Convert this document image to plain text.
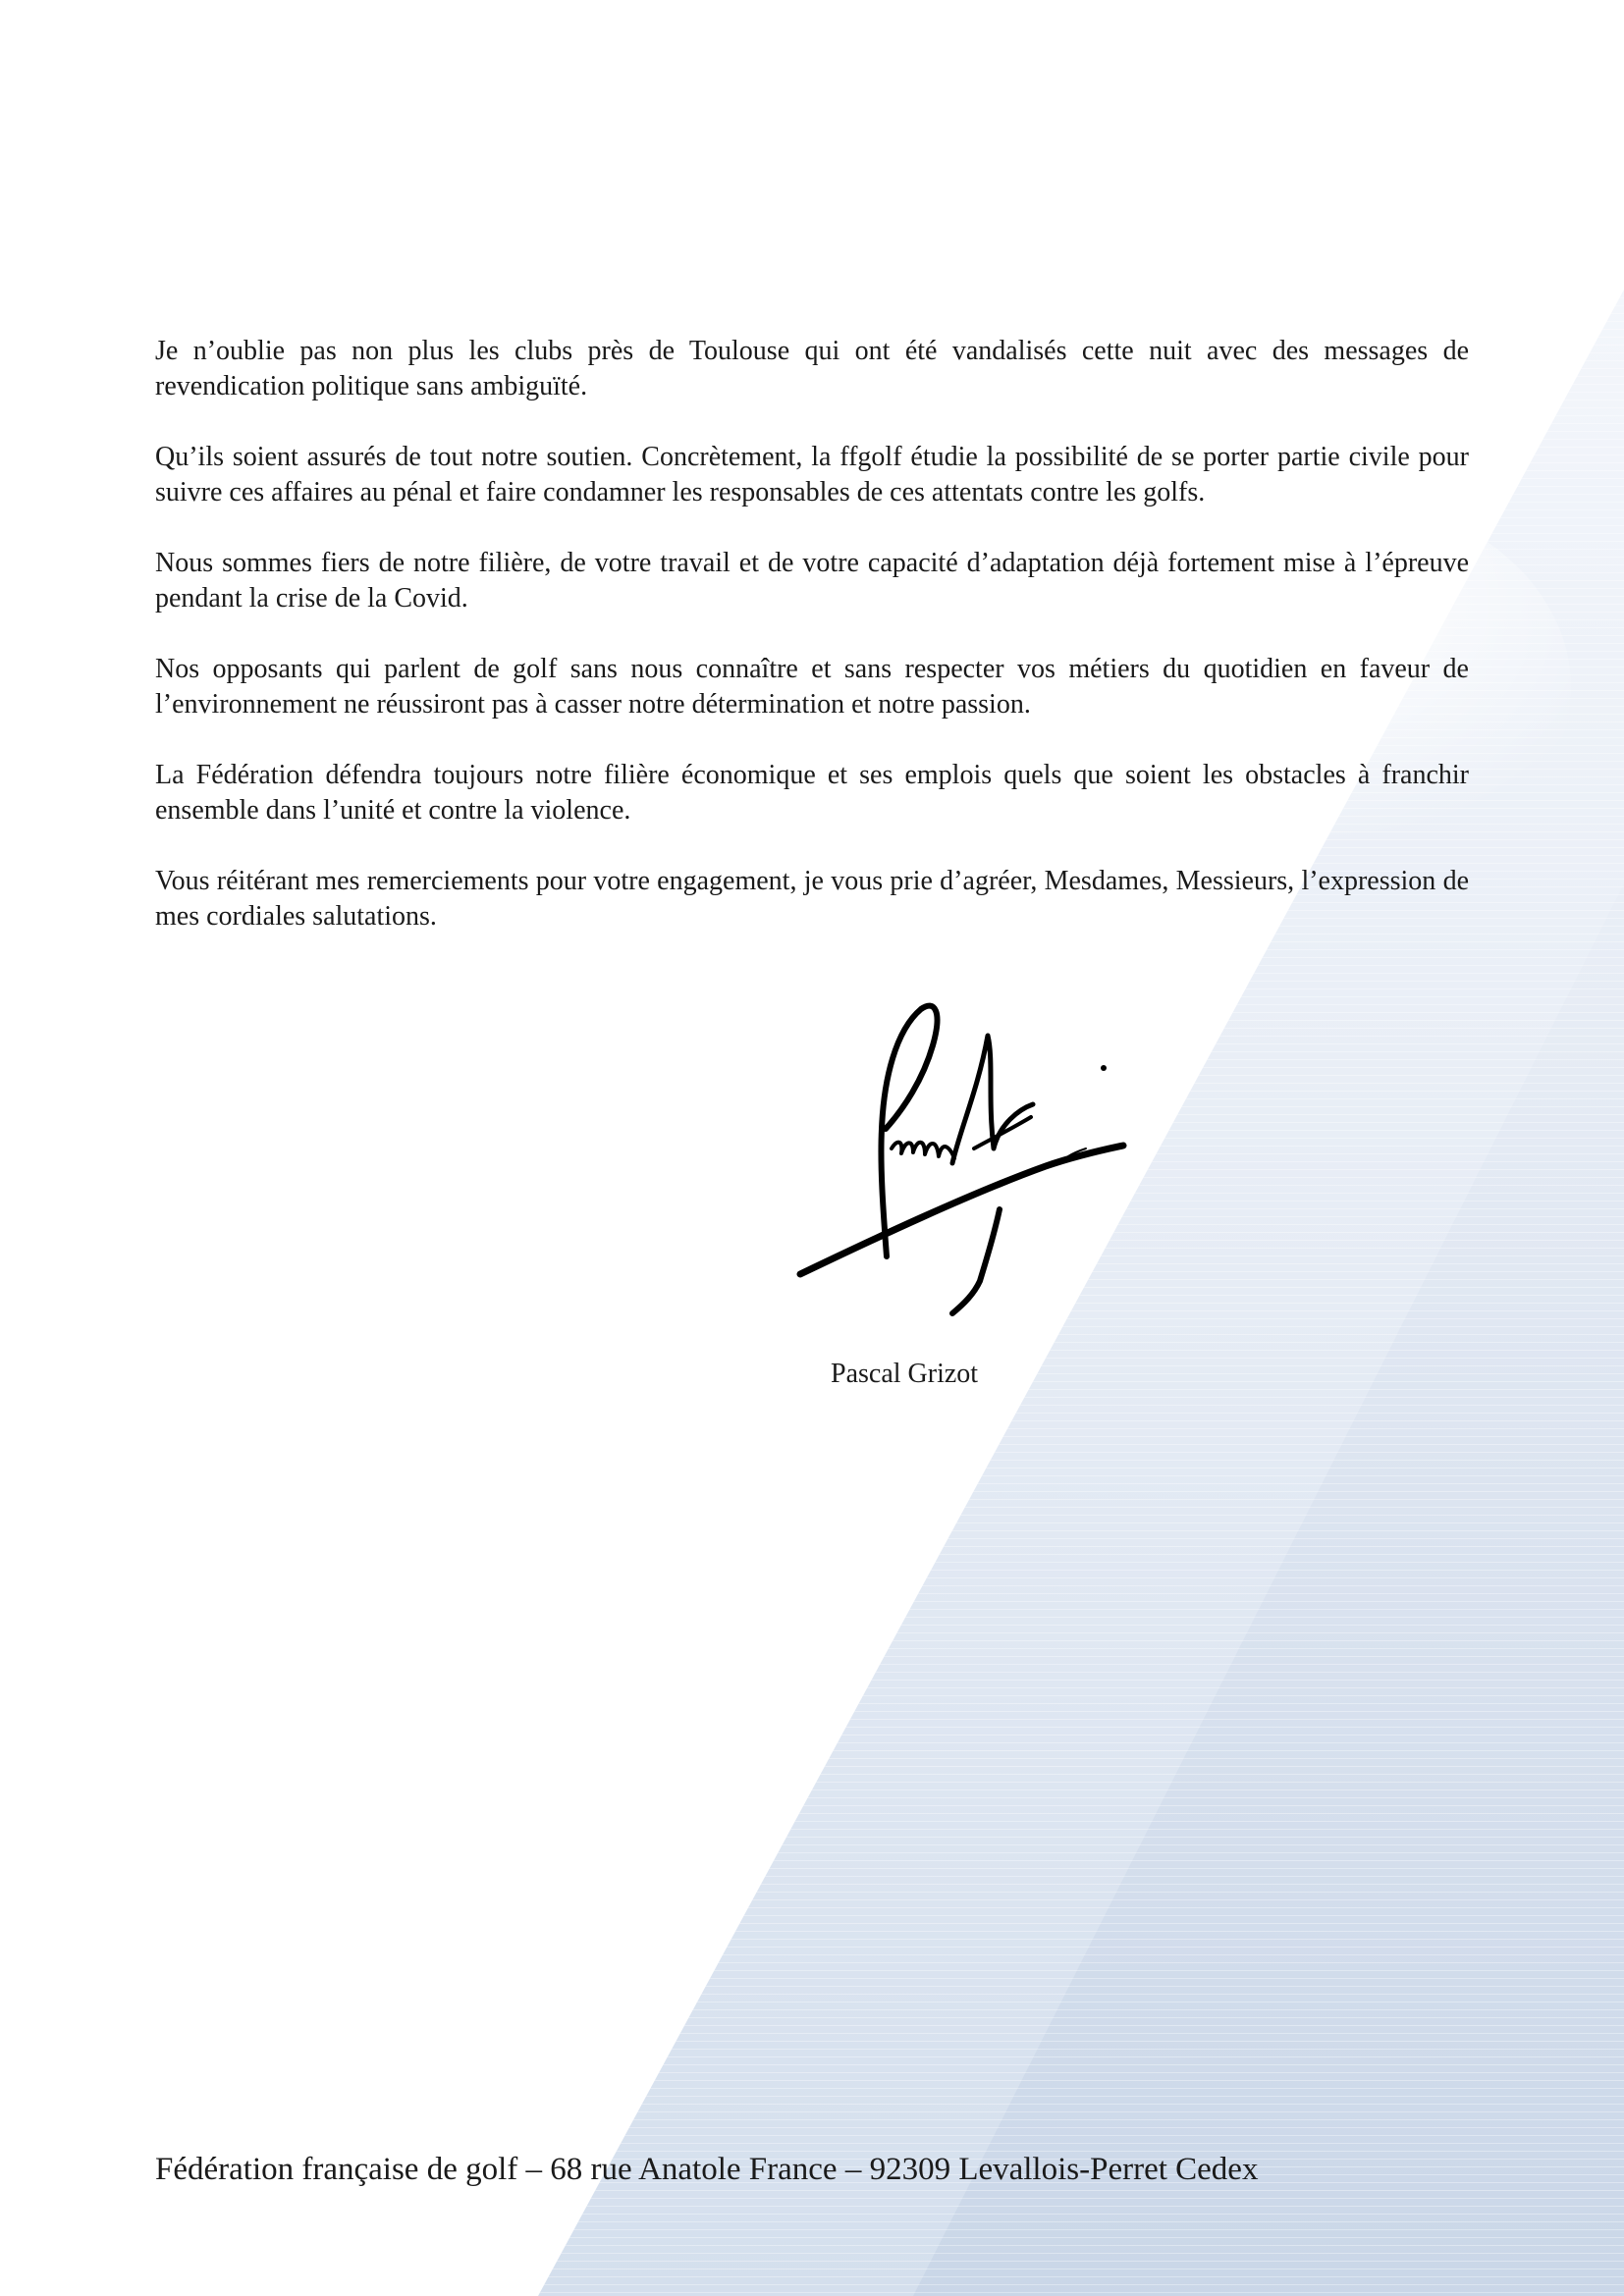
Je n’oublie pas non plus les clubs près de Toulouse qui ont été vandalisés cette nuit avec des messages de revendication politique sans ambiguïté.

Qu’ils soient assurés de tout notre soutien. Concrètement, la ffgolf étudie la possibilité de se porter partie civile pour suivre ces affaires au pénal et faire condamner les responsables de ces attentats contre les golfs.

Nous sommes fiers de notre filière, de votre travail et de votre capacité d’adaptation déjà fortement mise à l’épreuve pendant la crise de la Covid.

Nos opposants qui parlent de golf sans nous connaître et sans respecter vos métiers du quotidien en faveur de l’environnement ne réussiront pas à casser notre détermination et notre passion.

La Fédération défendra toujours notre filière économique et ses emplois quels que soient les obstacles à franchir ensemble dans l’unité et contre la violence.

Vous réitérant mes remerciements pour votre engagement, je vous prie d’agréer, Mesdames, Messieurs, l’expression de mes cordiales salutations.

Pascal Grizot
Fédération française de golf – 68 rue Anatole France – 92309 Levallois-Perret Cedex
